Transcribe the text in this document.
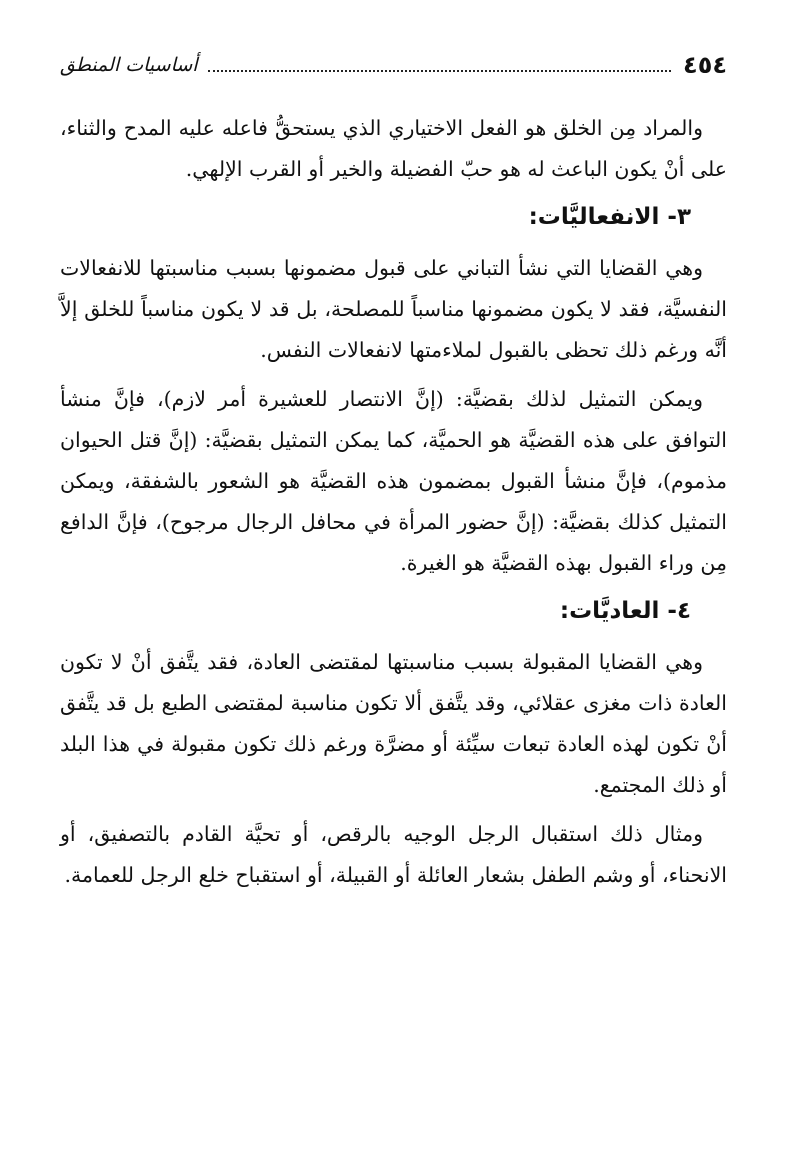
٤٥٤
أساسيات المنطق

والمراد مِن الخلق هو الفعل الاختياري الذي يستحقُّ فاعله عليه المدح والثناء، على أنْ يكون الباعث له هو حبّ الفضيلة والخير أو القرب الإلهي.

٣- الانفعاليَّات:

وهي القضايا التي نشأ التباني على قبول مضمونها بسبب مناسبتها للانفعالات النفسيَّة، فقد لا يكون مضمونها مناسباً للمصلحة، بل قد لا يكون مناسباً للخلق إلاَّ أنَّه ورغم ذلك تحظى بالقبول لملاءمتها لانفعالات النفس.

ويمكن التمثيل لذلك بقضيَّة: (إنَّ الانتصار للعشيرة أمر لازم)، فإنَّ منشأ التوافق على هذه القضيَّة هو الحميَّة، كما يمكن التمثيل بقضيَّة: (إنَّ قتل الحيوان مذموم)، فإنَّ منشأ القبول بمضمون هذه القضيَّة هو الشعور بالشفقة، ويمكن التمثيل كذلك بقضيَّة: (إنَّ حضور المرأة في محافل الرجال مرجوح)، فإنَّ الدافع مِن وراء القبول بهذه القضيَّة هو الغيرة.

٤- العاديَّات:

وهي القضايا المقبولة بسبب مناسبتها لمقتضى العادة، فقد يتَّفق أنْ لا تكون العادة ذات مغزى عقلائي، وقد يتَّفق ألا تكون مناسبة لمقتضى الطبع بل قد يتَّفق أنْ تكون لهذه العادة تبعات سيِّئة أو مضرَّة ورغم ذلك تكون مقبولة في هذا البلد أو ذلك المجتمع.

ومثال ذلك استقبال الرجل الوجيه بالرقص، أو تحيَّة القادم بالتصفيق، أو الانحناء، أو وشم الطفل بشعار العائلة أو القبيلة، أو استقباح خلع الرجل للعمامة.
